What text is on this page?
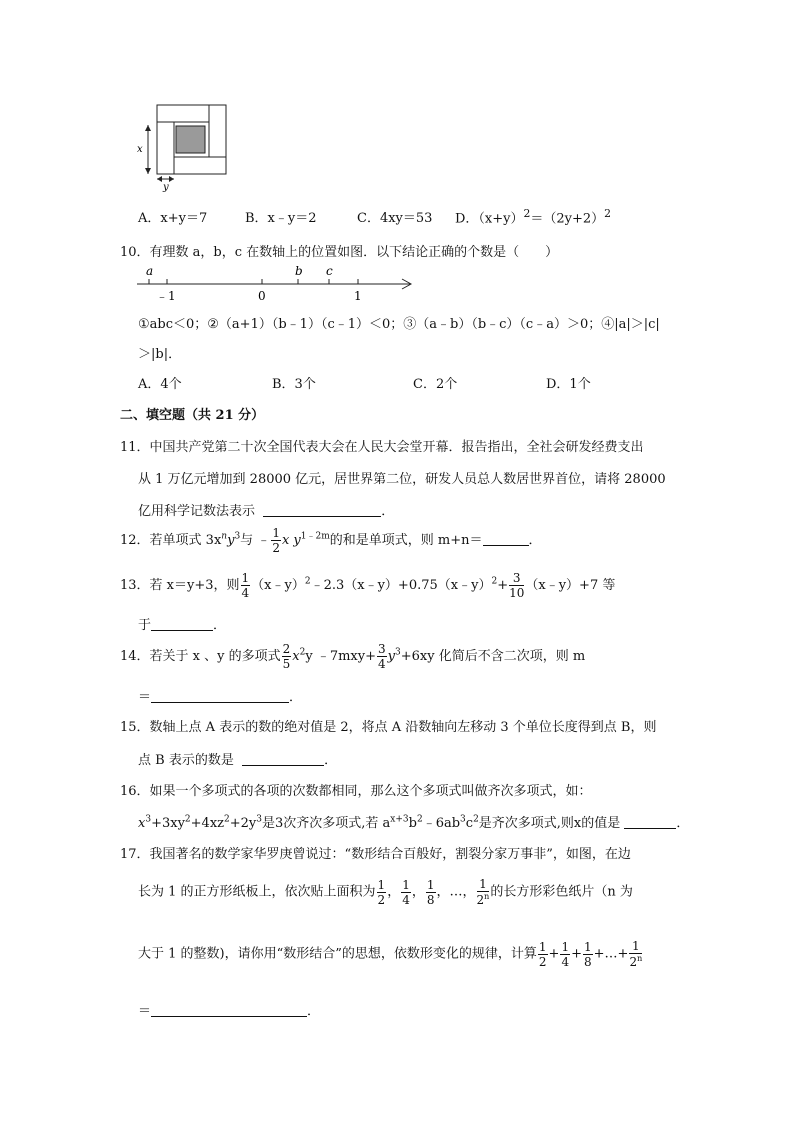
x
y
A．x+y＝7	B．x﹣y＝2	C．4xy＝53 D．$(x+y)^2=(2y+2)^2$
10．有理数 a，b，c 在数轴上的位置如图．以下结论正确的个数是（　　）
a	b c
﹣1	0	1
①abc＜0；②（a+1）（b﹣1）（c﹣1）＜0；③（a﹣b）（b﹣c）（c﹣a）＞0；④|a|＞|c|
＞|b|．
A．4个	B．3个	C．2个	D．1个
二、填空题（共 21 分）
11．中国共产党第二十次全国代表大会在人民大会堂开幕．报告指出，全社会研发经费支出
从 1 万亿元增加到 28000 亿元，居世界第二位，研发人员总人数居世界首位，请将 28000
亿用科学记数法表示	．
12．若单项式 $3x^ny^3$与 ﹣ $\frac{1}{2}$ x $y^{1﹣2m}$的和是单项式，则 m+n＝	．
13．若 x＝y+3，则 $\frac{1}{4}$ （x﹣y）$^2$﹣2.3（x﹣y）+0.75（x﹣y）$^2$+ $\frac{3}{10}$ （x﹣y）+7 等
于	．
14．若关于 x 、y 的多项式 $\frac{2}{5} x^2y$ ﹣7mxy+ $\frac{3}{4} y^3+6xy$ 化简后不含二次项，则 m
＝	．
15．数轴上点 A 表示的数的绝对值是 2，将点 A 沿数轴向左移动 3 个单位长度得到点 B，则
点 B 表示的数是	．
16．如果一个多项式的各项的次数都相同，那么这个多项式叫做齐次多项式，如：
$x^3+3xy^2+4xz^2+2y^3$是3次齐次多项式,若 $a^{x+3}b^2﹣6ab^3c^2$是齐次多项式,则x的值是	．
17．我国著名的数学家华罗庚曾说过：“数形结合百般好，割裂分家万事非”，如图，在边
长为 1 的正方形纸板上，依次贴上面积为 $\frac{1}{2}$ ， $\frac{1}{4}$ ， $\frac{1}{8}$ ，…， $\frac{1}{2^n}$ 的长方形彩色纸片（n 为
大于 1 的整数)，请你用“数形结合”的思想，依数形变化的规律，计算 $\frac{1}{2} + \frac{1}{4} + \frac{1}{8}$ +…+ $\frac{1}{2^n}$
＝	．
